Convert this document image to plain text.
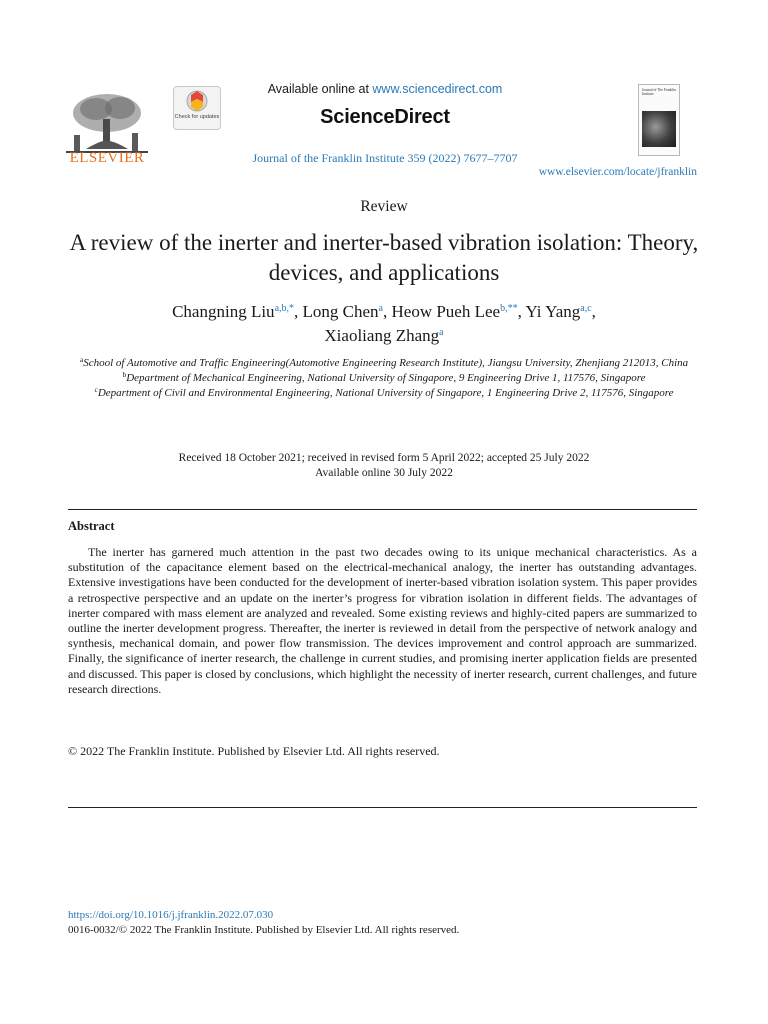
ELSEVIER
Check for updates
Available online at www.sciencedirect.com
ScienceDirect
Journal of the Franklin Institute 359 (2022) 7677–7707
Journal of The Franklin Institute
www.elsevier.com/locate/jfranklin
Review
A review of the inerter and inerter-based vibration isolation: Theory, devices, and applications
Changning Liu$^{a,b,*}$, Long Chen$^a$, Heow Pueh Lee$^{b,**}$, Yi Yang$^{a,c}$,
Xiaoliang Zhang$^a$
$^a$School of Automotive and Traffic Engineering(Automotive Engineering Research Institute), Jiangsu University, Zhenjiang 212013, China
$^b$Department of Mechanical Engineering, National University of Singapore, 9 Engineering Drive 1, 117576, Singapore
$^c$Department of Civil and Environmental Engineering, National University of Singapore, 1 Engineering Drive 2, 117576, Singapore
Received 18 October 2021; received in revised form 5 April 2022; accepted 25 July 2022
Available online 30 July 2022
Abstract

The inerter has garnered much attention in the past two decades owing to its unique mechanical characteristics. As a substitution of the capacitance element based on the electrical-mechanical analogy, the inerter has outstanding advantages. Extensive investigations have been conducted for the development of inerter-based vibration isolation system. This paper provides a retrospective perspective and an update on the inerter’s progress for vibration isolation in different fields. The advantages of inerter compared with mass element are analyzed and revealed. Some existing reviews and highly-cited papers are summarized to outline the inerter development progress. Thereafter, the inerter is reviewed in detail from the perspective of network analogy and synthesis, mechanical domain, and power flow transmission. The devices improvement and control approach are summarized. Finally, the significance of inerter research, the challenge in current studies, and promising inerter application fields are presented and discussed. This paper is closed by conclusions, which highlight the necessity of inerter research, current challenges, and future research directions.

© 2022 The Franklin Institute. Published by Elsevier Ltd. All rights reserved.
https://doi.org/10.1016/j.jfranklin.2022.07.030
0016-0032/© 2022 The Franklin Institute. Published by Elsevier Ltd. All rights reserved.
